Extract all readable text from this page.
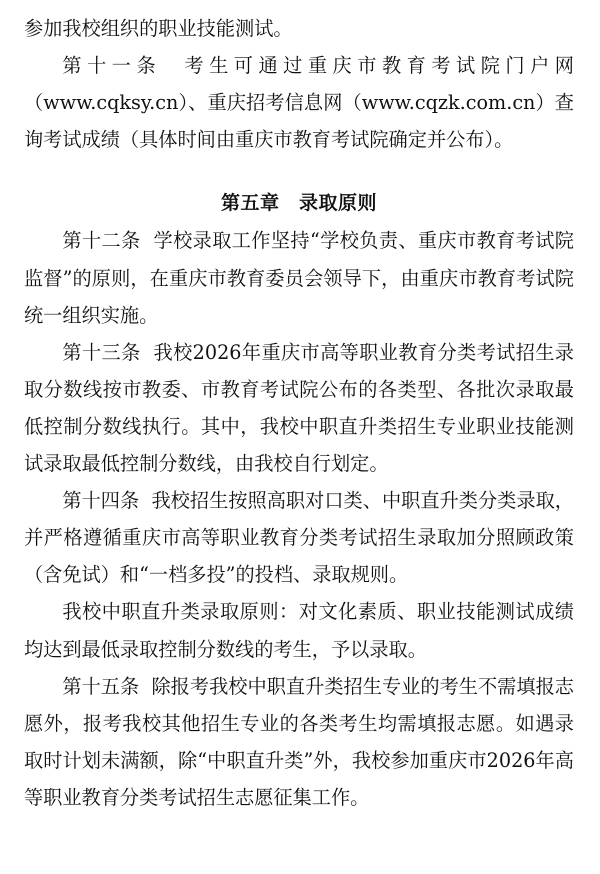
参加我校组织的职业技能测试。

第十一条  考生可通过重庆市教育考试院门户网（www.cqksy.cn）、重庆招考信息网（www.cqzk.com.cn）查询考试成绩（具体时间由重庆市教育考试院确定并公布）。

第五章  录取原则

第十二条  学校录取工作坚持“学校负责、重庆市教育考试院监督”的原则，在重庆市教育委员会领导下，由重庆市教育考试院统一组织实施。

第十三条  我校2026年重庆市高等职业教育分类考试招生录取分数线按市教委、市教育考试院公布的各类型、各批次录取最低控制分数线执行。其中，我校中职直升类招生专业职业技能测试录取最低控制分数线，由我校自行划定。

第十四条  我校招生按照高职对口类、中职直升类分类录取，并严格遵循重庆市高等职业教育分类考试招生录取加分照顾政策（含免试）和“一档多投”的投档、录取规则。

我校中职直升类录取原则：对文化素质、职业技能测试成绩均达到最低录取控制分数线的考生，予以录取。

第十五条  除报考我校中职直升类招生专业的考生不需填报志愿外，报考我校其他招生专业的各类考生均需填报志愿。如遇录取时计划未满额，除“中职直升类”外，我校参加重庆市2026年高等职业教育分类考试招生志愿征集工作。
